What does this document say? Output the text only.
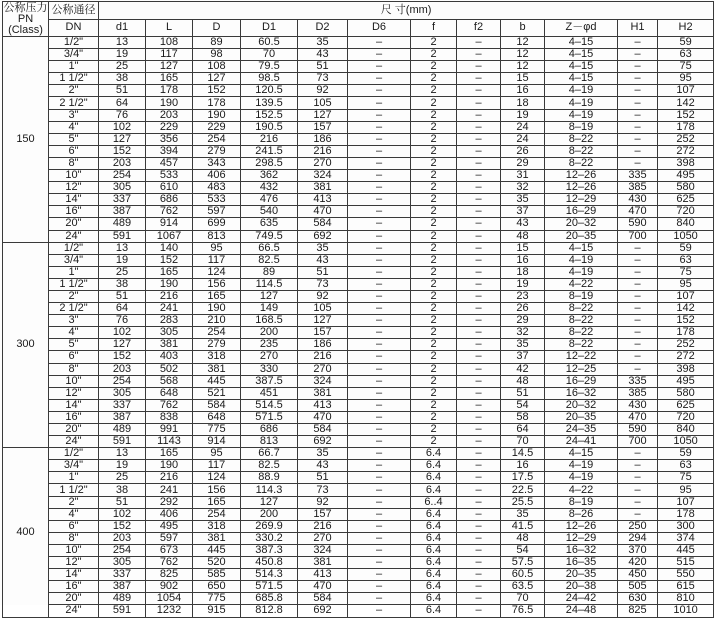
公称压力
PN
(Class)	公称通径	尺 寸(mm)											
	DN	d1	L	D	D1	D2	D6	f	f2	b	Z－φd	H1	H2
150	1/2"	13	108	89	60.5	35	–	2	–	12	4–15	–	59
	3/4"	19	117	98	70	43	–	2	–	12	4–15	–	63
	1"	25	127	108	79.5	51	–	2	–	12	4–15	–	75
	1 1/2"	38	165	127	98.5	73	–	2	–	15	4–15	–	95
	2"	51	178	152	120.5	92	–	2	–	16	4–19	–	107
	2 1/2"	64	190	178	139.5	105	–	2	–	18	4–19	–	142
	3"	76	203	190	152.5	127	–	2	–	19	4–19	–	152
	4"	102	229	229	190.5	157	–	2	–	24	8–19	–	178
	5"	127	356	254	216	186	–	2	–	24	8–22	–	252
	6"	152	394	279	241.5	216	–	2	–	26	8–22	–	272
	8"	203	457	343	298.5	270	–	2	–	29	8–22	–	398
	10"	254	533	406	362	324	–	2	–	31	12–26	335	495
	12"	305	610	483	432	381	–	2	–	32	12–26	385	580
	14"	337	686	533	476	413	–	2	–	35	12–29	430	625
	16"	387	762	597	540	470	–	2	–	37	16–29	470	720
	20"	489	914	699	635	584	–	2	–	43	20–32	590	840
	24"	591	1067	813	749.5	692	–	2	–	48	20–35	700	1050
300	1/2"	13	140	95	66.5	35	–	2	–	15	4–15	–	59
	3/4"	19	152	117	82.5	43	–	2	–	16	4–19	–	63
	1"	25	165	124	89	51	–	2	–	18	4–19	–	75
	1 1/2"	38	190	156	114.5	73	–	2	–	19	4–22	–	95
	2"	51	216	165	127	92	–	2	–	23	8–19	–	107
	2 1/2"	64	241	190	149	105	–	2	–	26	8–22	–	142
	3"	76	283	210	168.5	127	–	2	–	29	8–22	–	152
	4"	102	305	254	200	157	–	2	–	32	8–22	–	178
	5"	127	381	279	235	186	–	2	–	35	8–22	–	252
	6"	152	403	318	270	216	–	2	–	37	12–22	–	272
	8"	203	502	381	330	270	–	2	–	42	12–25	–	398
	10"	254	568	445	387.5	324	–	2	–	48	16–29	335	495
	12"	305	648	521	451	381	–	2	–	51	16–32	385	580
	14"	337	762	584	514.5	413	–	2	–	54	20–32	430	625
	16"	387	838	648	571.5	470	–	2	–	58	20–35	470	720
	20"	489	991	775	686	584	–	2	–	64	24–35	590	840
	24"	591	1143	914	813	692	–	2	–	70	24–41	700	1050
400	1/2"	13	165	95	66.7	35	–	6.4	–	14.5	4–15	–	59
	3/4"	19	190	117	82.5	43	–	6.4	–	16	4–19	–	63
	1"	25	216	124	88.9	51	–	6.4	–	17.5	4–19	–	75
	1 1/2"	38	241	156	114.3	73	–	6.4	–	22.5	4–22	–	95
	2"	51	292	165	127	92	–	6..4	–	25.5	8–19	–	107
	4"	102	406	254	200	157	–	6.4	–	35	8–26	–	178
	6"	152	495	318	269.9	216	–	6.4	–	41.5	12–26	250	300
	8"	203	597	381	330.2	270	–	6.4	–	48	12–29	294	374
	10"	254	673	445	387.3	324	–	6.4	–	54	16–32	370	445
	12"	305	762	520	450.8	381	–	6.4	–	57.5	16–35	420	515
	14"	337	825	585	514.3	413	–	6.4	–	60.5	20–35	450	550
	16"	387	902	650	571.5	470	–	6.4	–	63.5	20–38	505	615
	20"	489	1054	775	685.8	584	–	6.4	–	70	24–42	630	810
	24"	591	1232	915	812.8	692	–	6.4	–	76.5	24–48	825	1010
